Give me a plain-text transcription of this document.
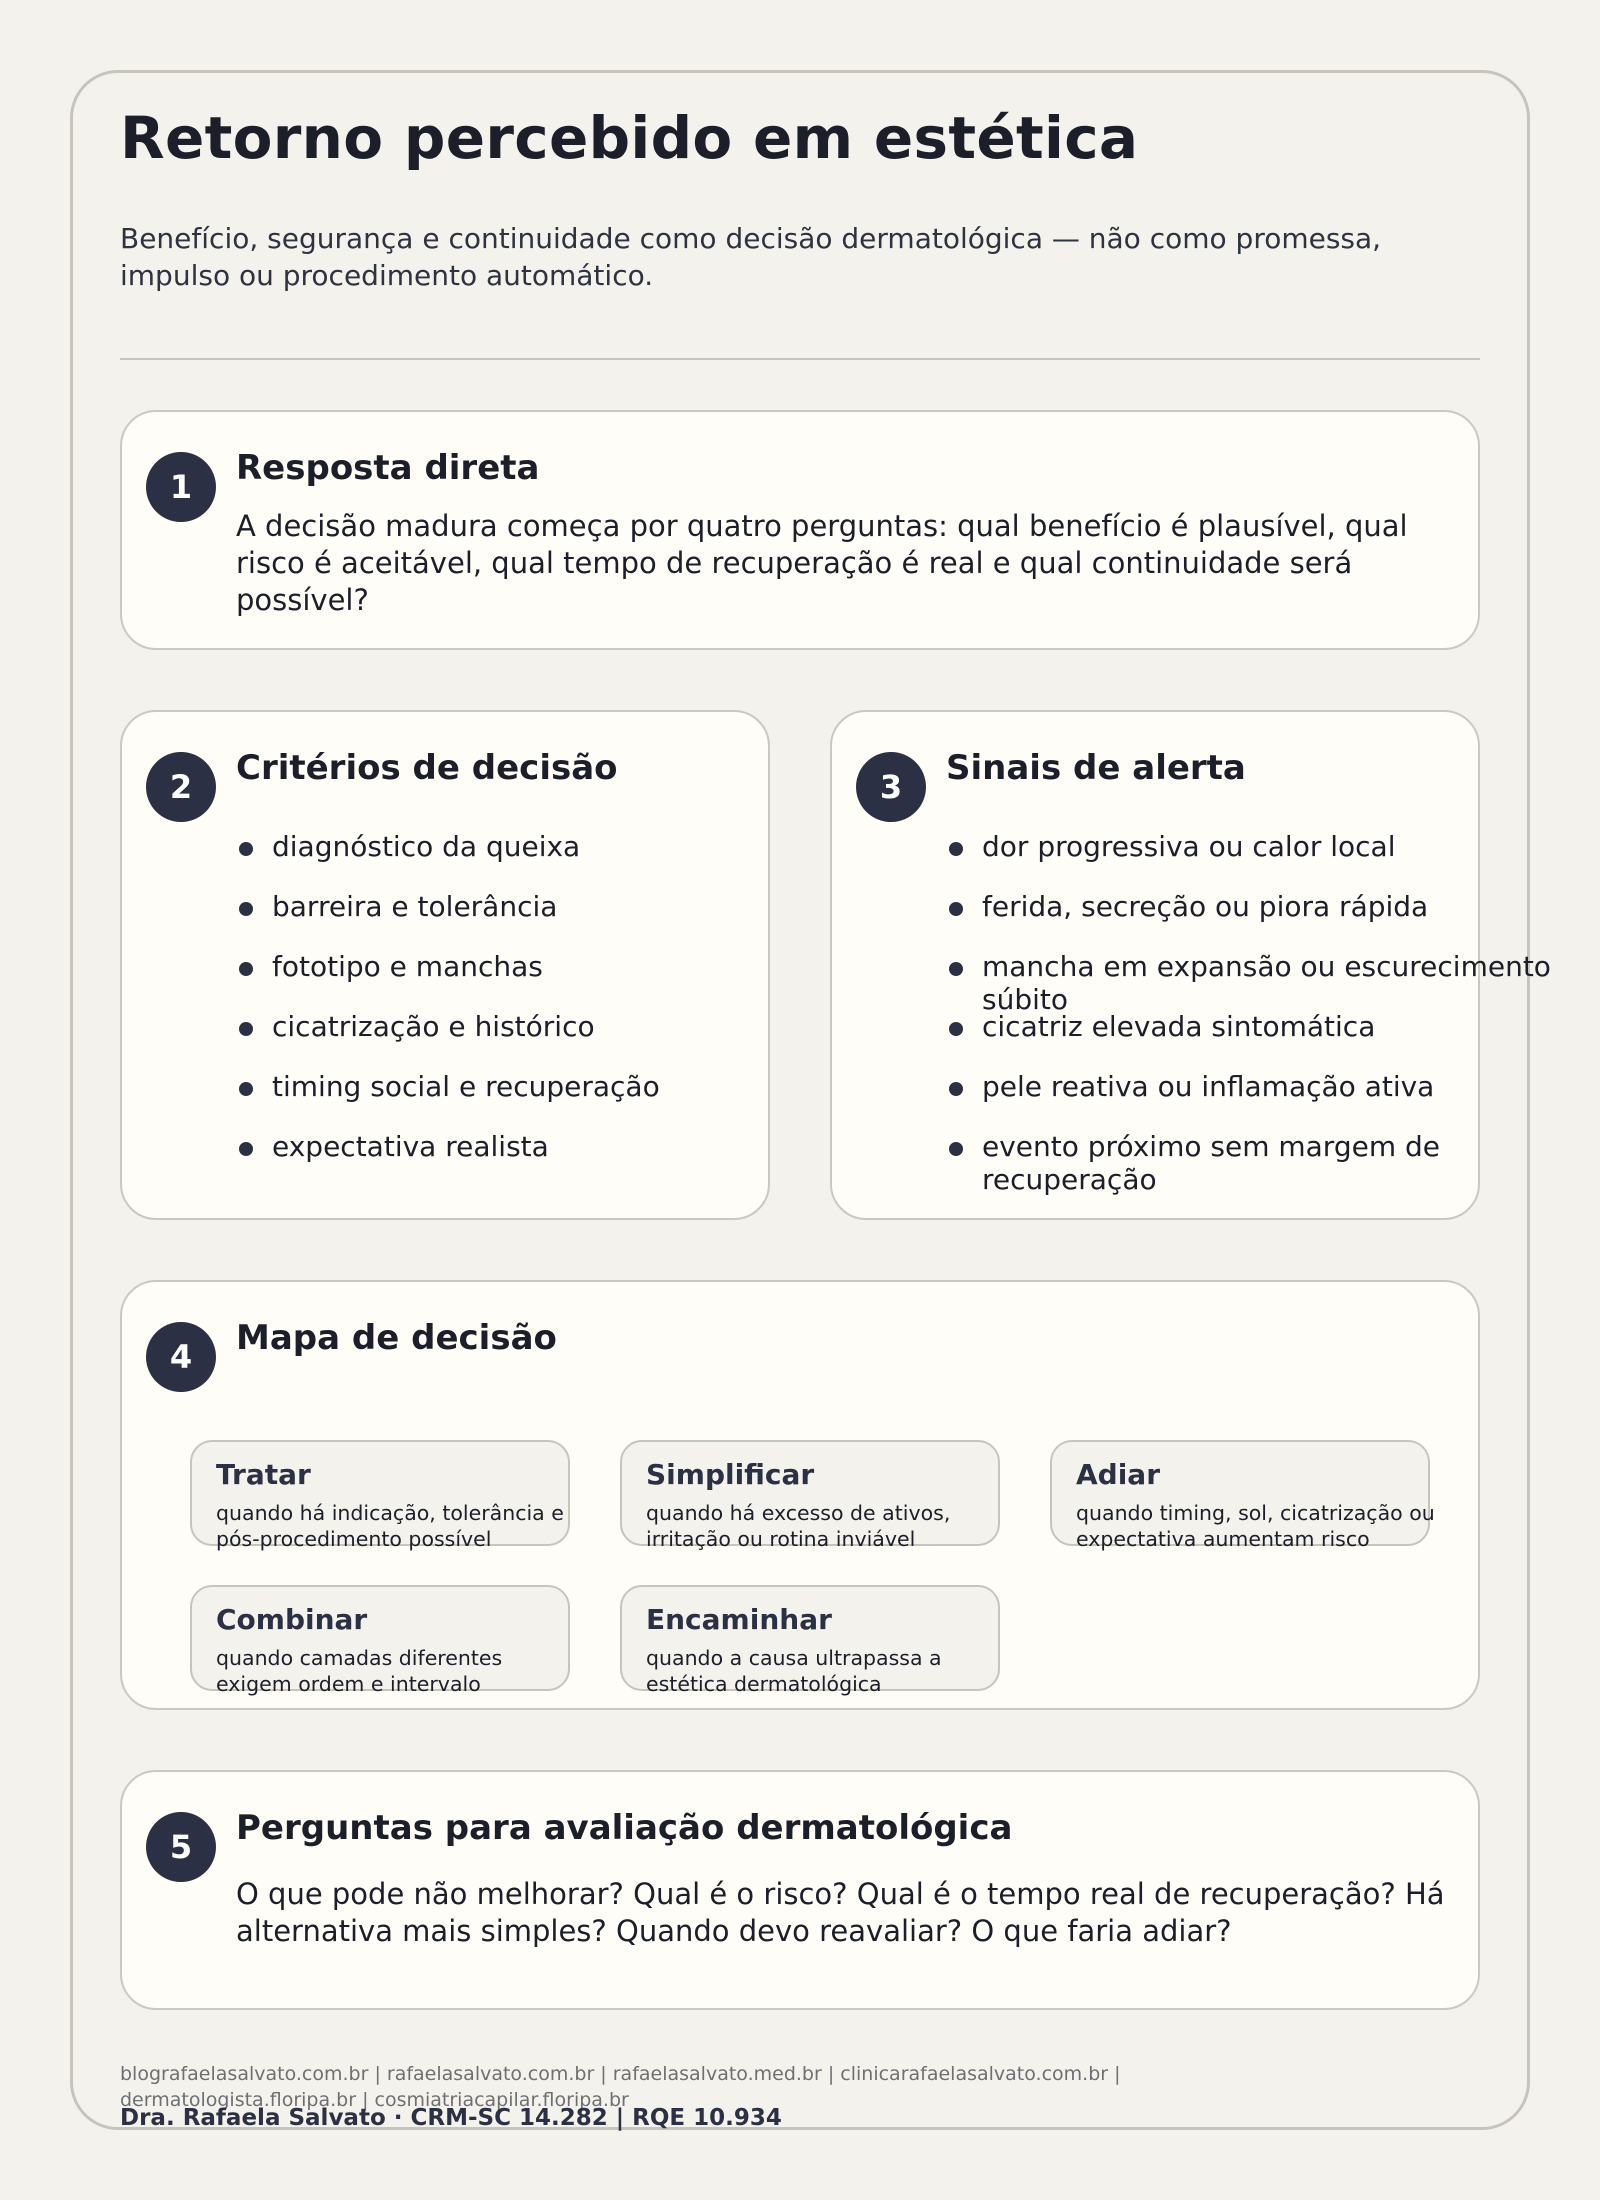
Retorno percebido em estética

Benefício, segurança e continuidade como decisão dermatológica — não como promessa, impulso ou procedimento automático.

1	Resposta direta

A decisão madura começa por quatro perguntas: qual benefício é plausível, qual risco é aceitável, qual tempo de recuperação é real e qual continuidade será possível?

2	Critérios de decisão
diagnóstico da queixa
barreira e tolerância
fototipo e manchas
cicatrização e histórico
timing social e recuperação
expectativa realista
3	Sinais de alerta
dor progressiva ou calor local
ferida, secreção ou piora rápida
mancha em expansão ou escurecimento súbito
cicatriz elevada sintomática
pele reativa ou inflamação ativa
evento próximo sem margem de recuperação
4	Mapa de decisão
Tratar
quando há indicação, tolerância e pós-procedimento possível
Simplificar
quando há excesso de ativos, irritação ou rotina inviável
Adiar
quando timing, sol, cicatrização ou expectativa aumentam risco
Combinar
quando camadas diferentes exigem ordem e intervalo
Encaminhar
quando a causa ultrapassa a estética dermatológica
5	Perguntas para avaliação dermatológica

O que pode não melhorar? Qual é o risco? Qual é o tempo real de recuperação? Há alternativa mais simples? Quando devo reavaliar? O que faria adiar?

blografaelasalvato.com.br | rafaelasalvato.com.br | rafaelasalvato.med.br | clinicarafaelasalvato.com.br | dermatologista.floripa.br | cosmiatriacapilar.floripa.br
Dra. Rafaela Salvato · CRM-SC 14.282 | RQE 10.934
